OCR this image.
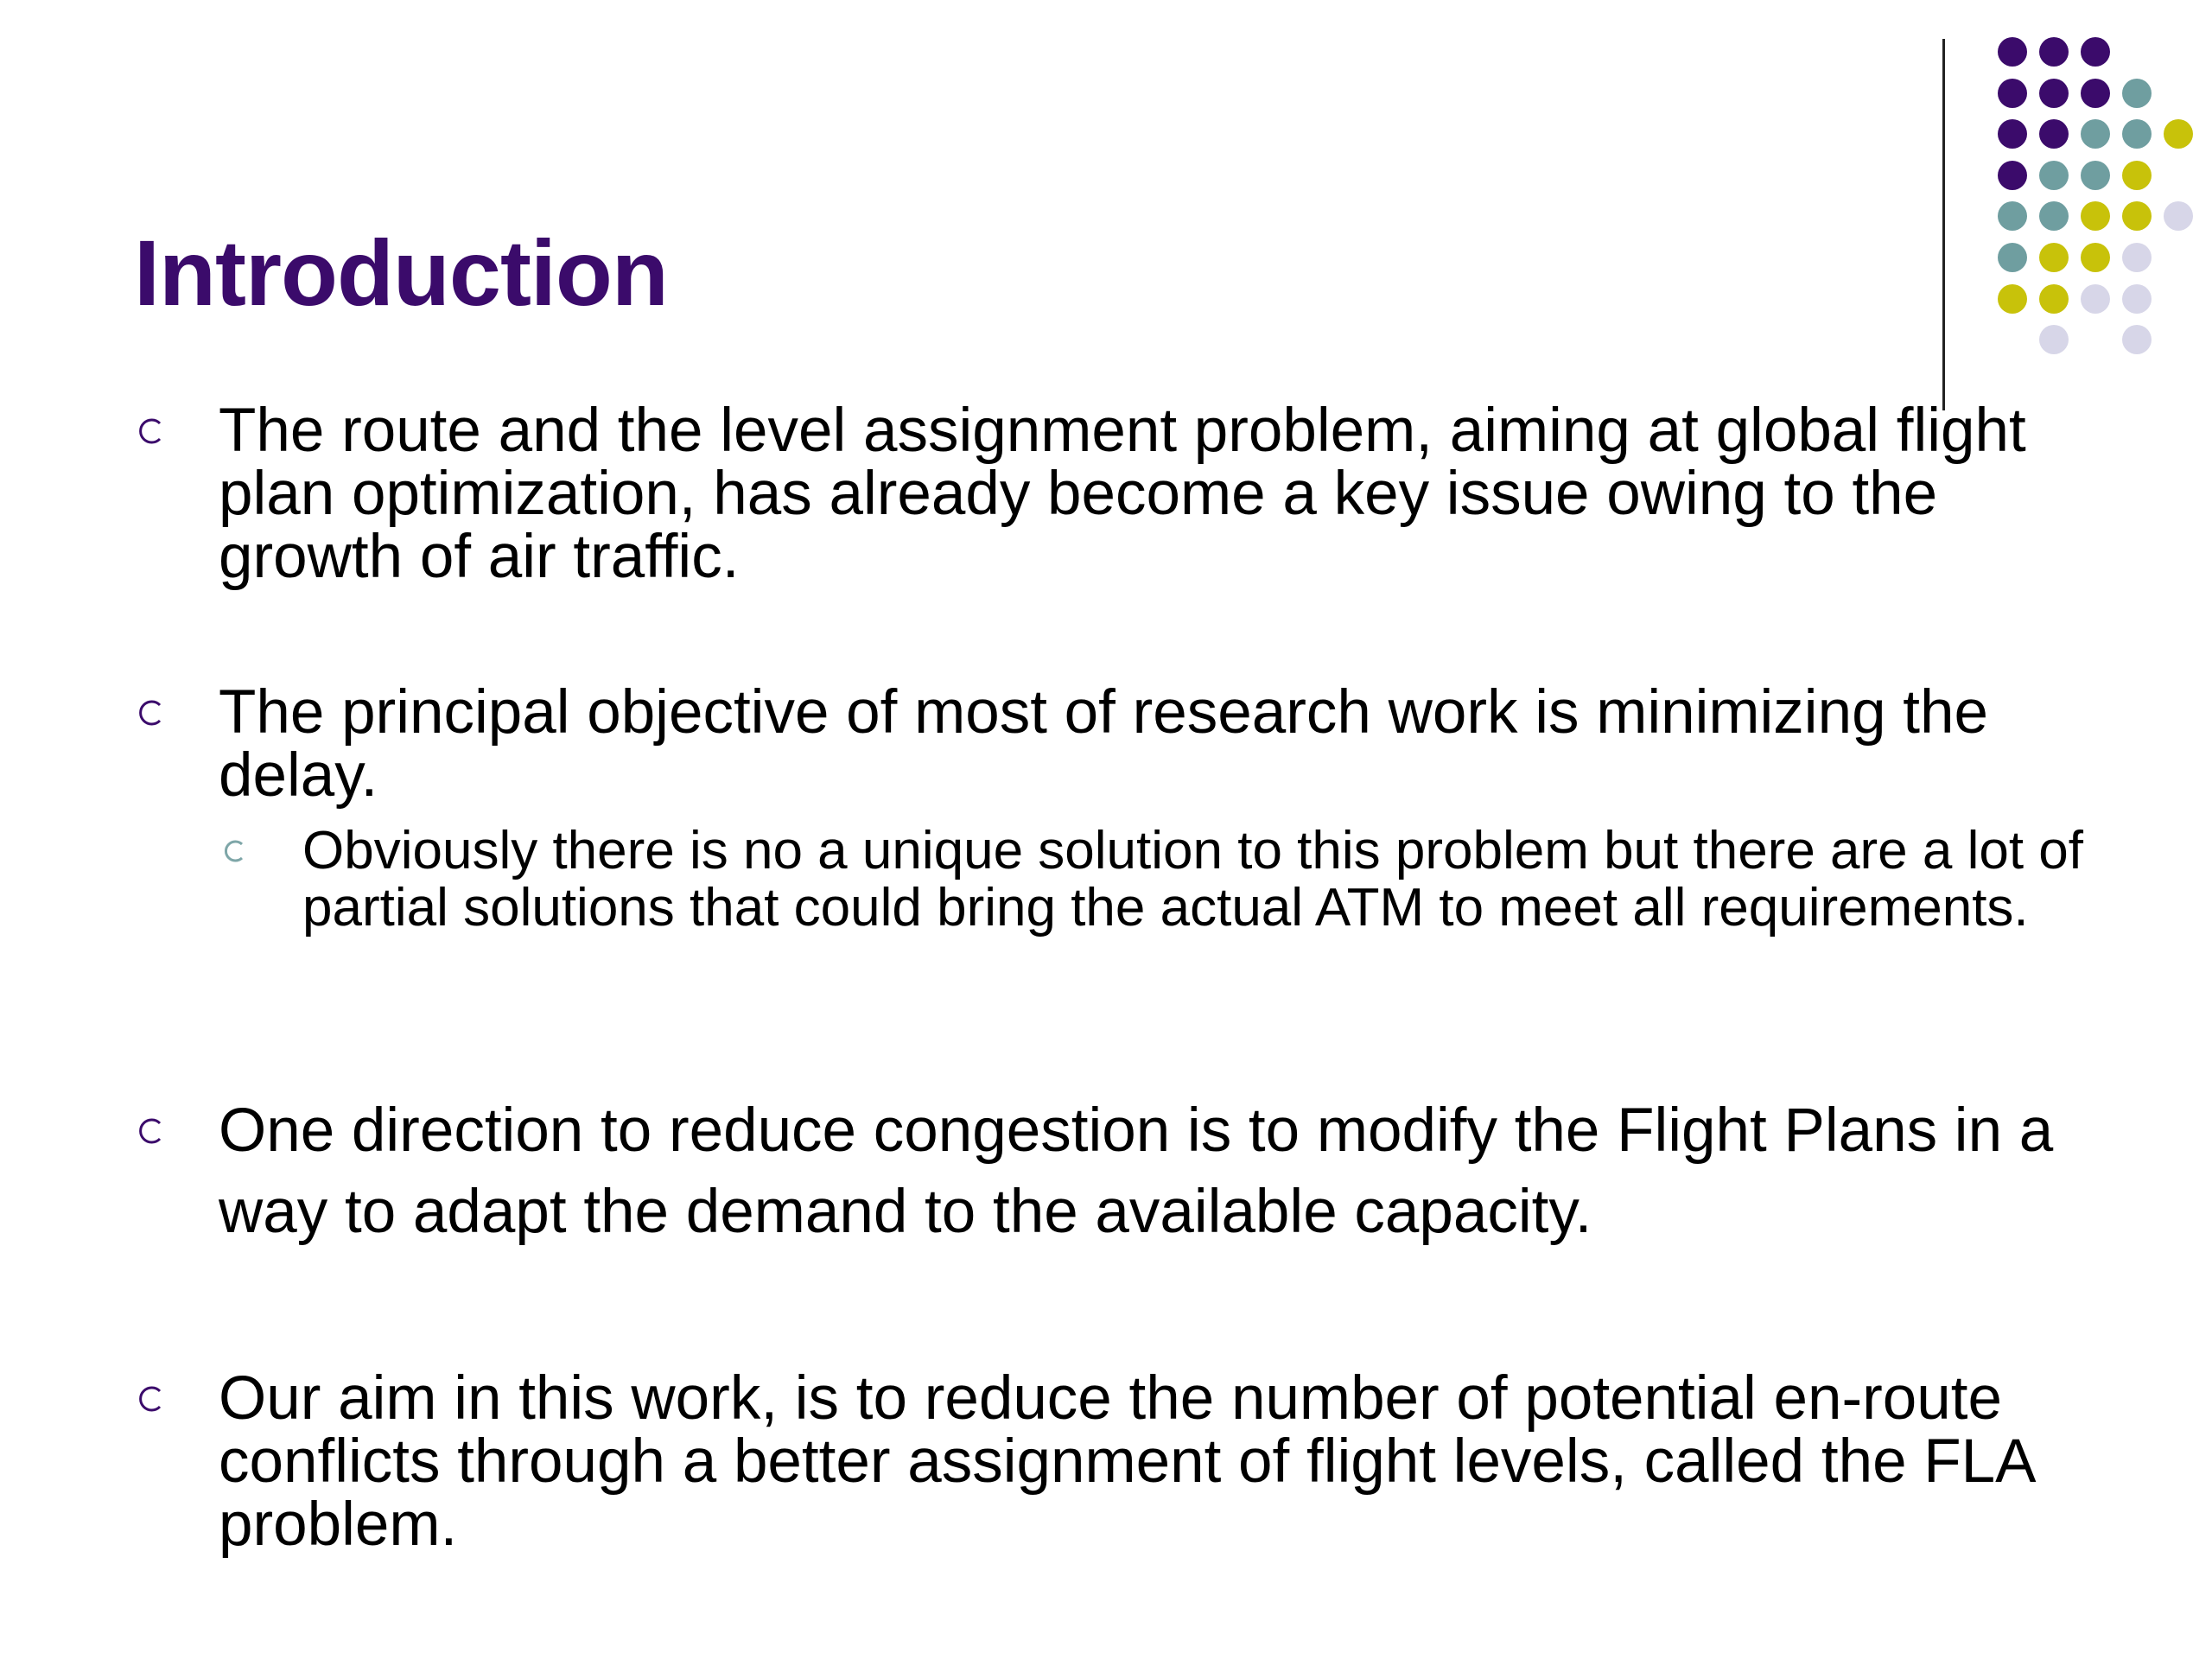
Introduction
The route and the level assignment problem, aiming at global flight plan optimization, has already become a key issue owing to the growth of air traffic.
The principal objective of most of research work is minimizing the delay.
Obviously there is no a unique solution to this problem but there are a lot of partial solutions that could bring the actual ATM to meet all requirements.
One direction to reduce congestion is to modify the Flight Plans in a way to adapt the demand to the available capacity.
Our aim in this work, is to reduce the number of potential en-route conflicts through a better assignment of flight levels, called the FLA problem.
